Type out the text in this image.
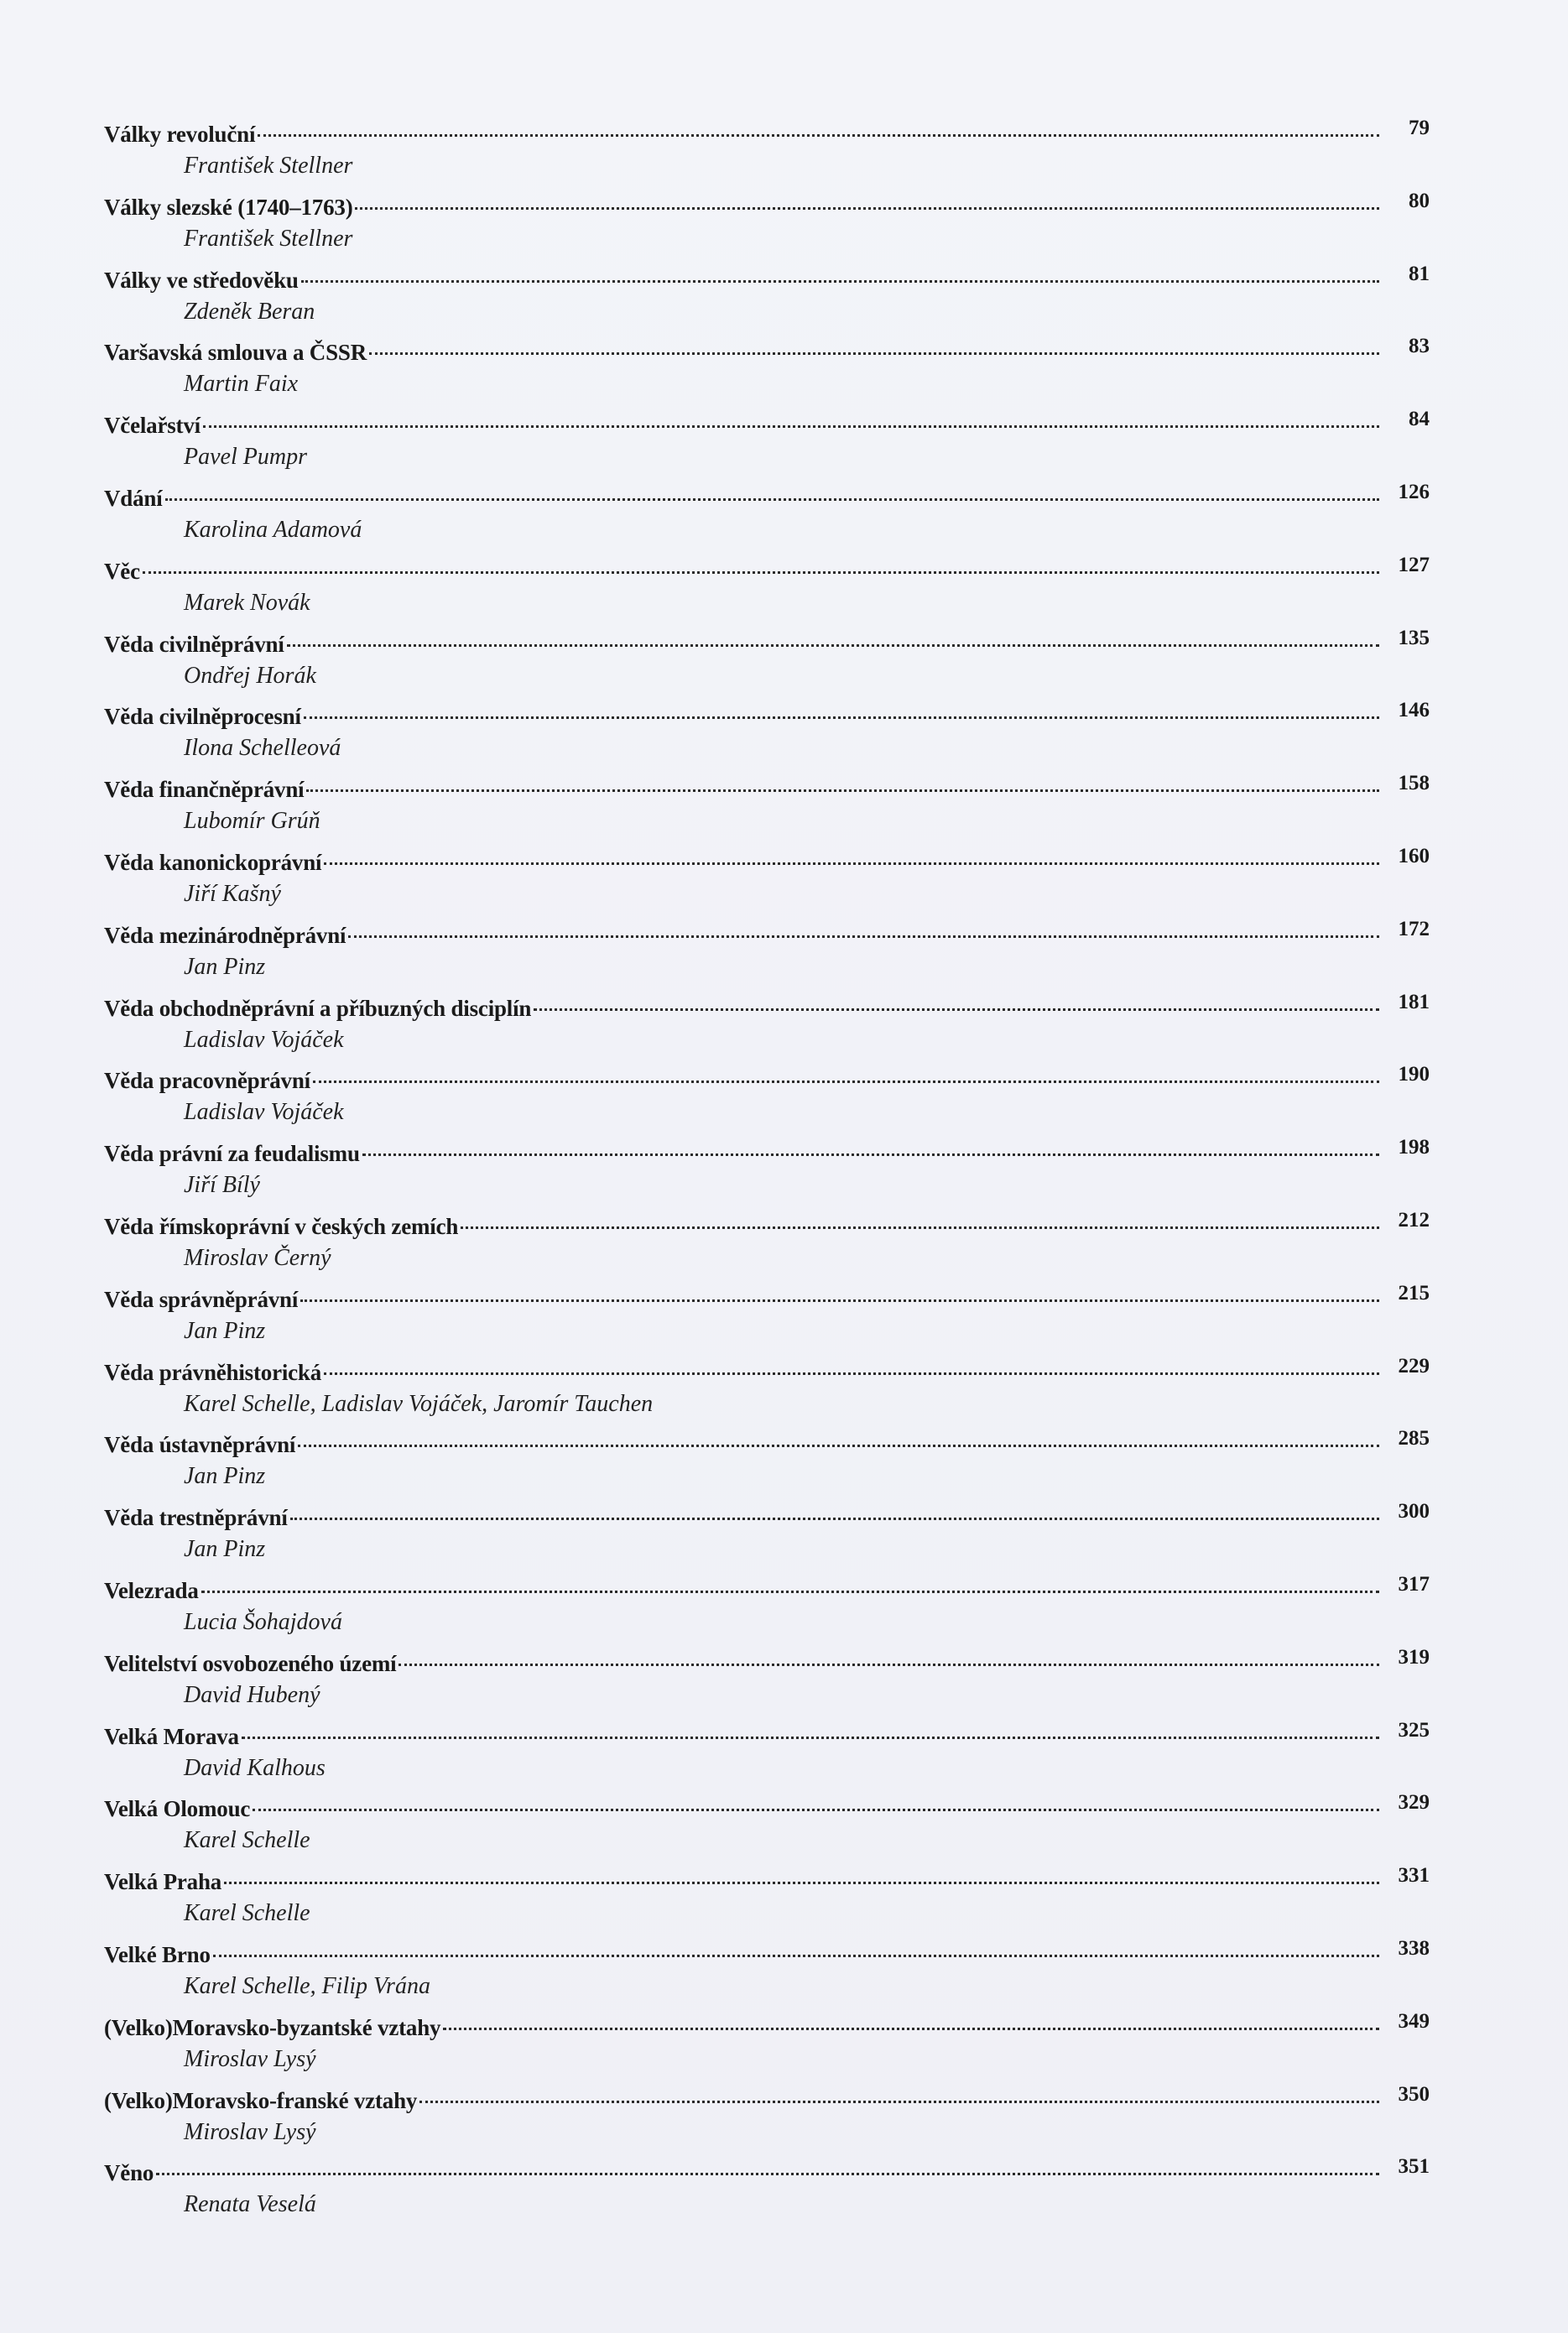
Války revoluční	79
František Stellner
Války slezské (1740–1763)	80
František Stellner
Války ve středověku	81
Zdeněk Beran
Varšavská smlouva a ČSSR	83
Martin Faix
Včelařství	84
Pavel Pumpr
Vdání	126
Karolina Adamová
Věc	127
Marek Novák
Věda civilněprávní	135
Ondřej Horák
Věda civilněprocesní	146
Ilona Schelleová
Věda finančněprávní	158
Lubomír Grúň
Věda kanonickoprávní	160
Jiří Kašný
Věda mezinárodněprávní	172
Jan Pinz
Věda obchodněprávní a příbuzných disciplín	181
Ladislav Vojáček
Věda pracovněprávní	190
Ladislav Vojáček
Věda právní za feudalismu	198
Jiří Bílý
Věda římskoprávní v českých zemích	212
Miroslav Černý
Věda správněprávní	215
Jan Pinz
Věda právněhistorická	229
Karel Schelle, Ladislav Vojáček, Jaromír Tauchen
Věda ústavněprávní	285
Jan Pinz
Věda trestněprávní	300
Jan Pinz
Velezrada	317
Lucia Šohajdová
Velitelství osvobozeného území	319
David Hubený
Velká Morava	325
David Kalhous
Velká Olomouc	329
Karel Schelle
Velká Praha	331
Karel Schelle
Velké Brno	338
Karel Schelle, Filip Vrána
(Velko)Moravsko-byzantské vztahy	349
Miroslav Lysý
(Velko)Moravsko-franské vztahy	350
Miroslav Lysý
Věno	351
Renata Veselá
